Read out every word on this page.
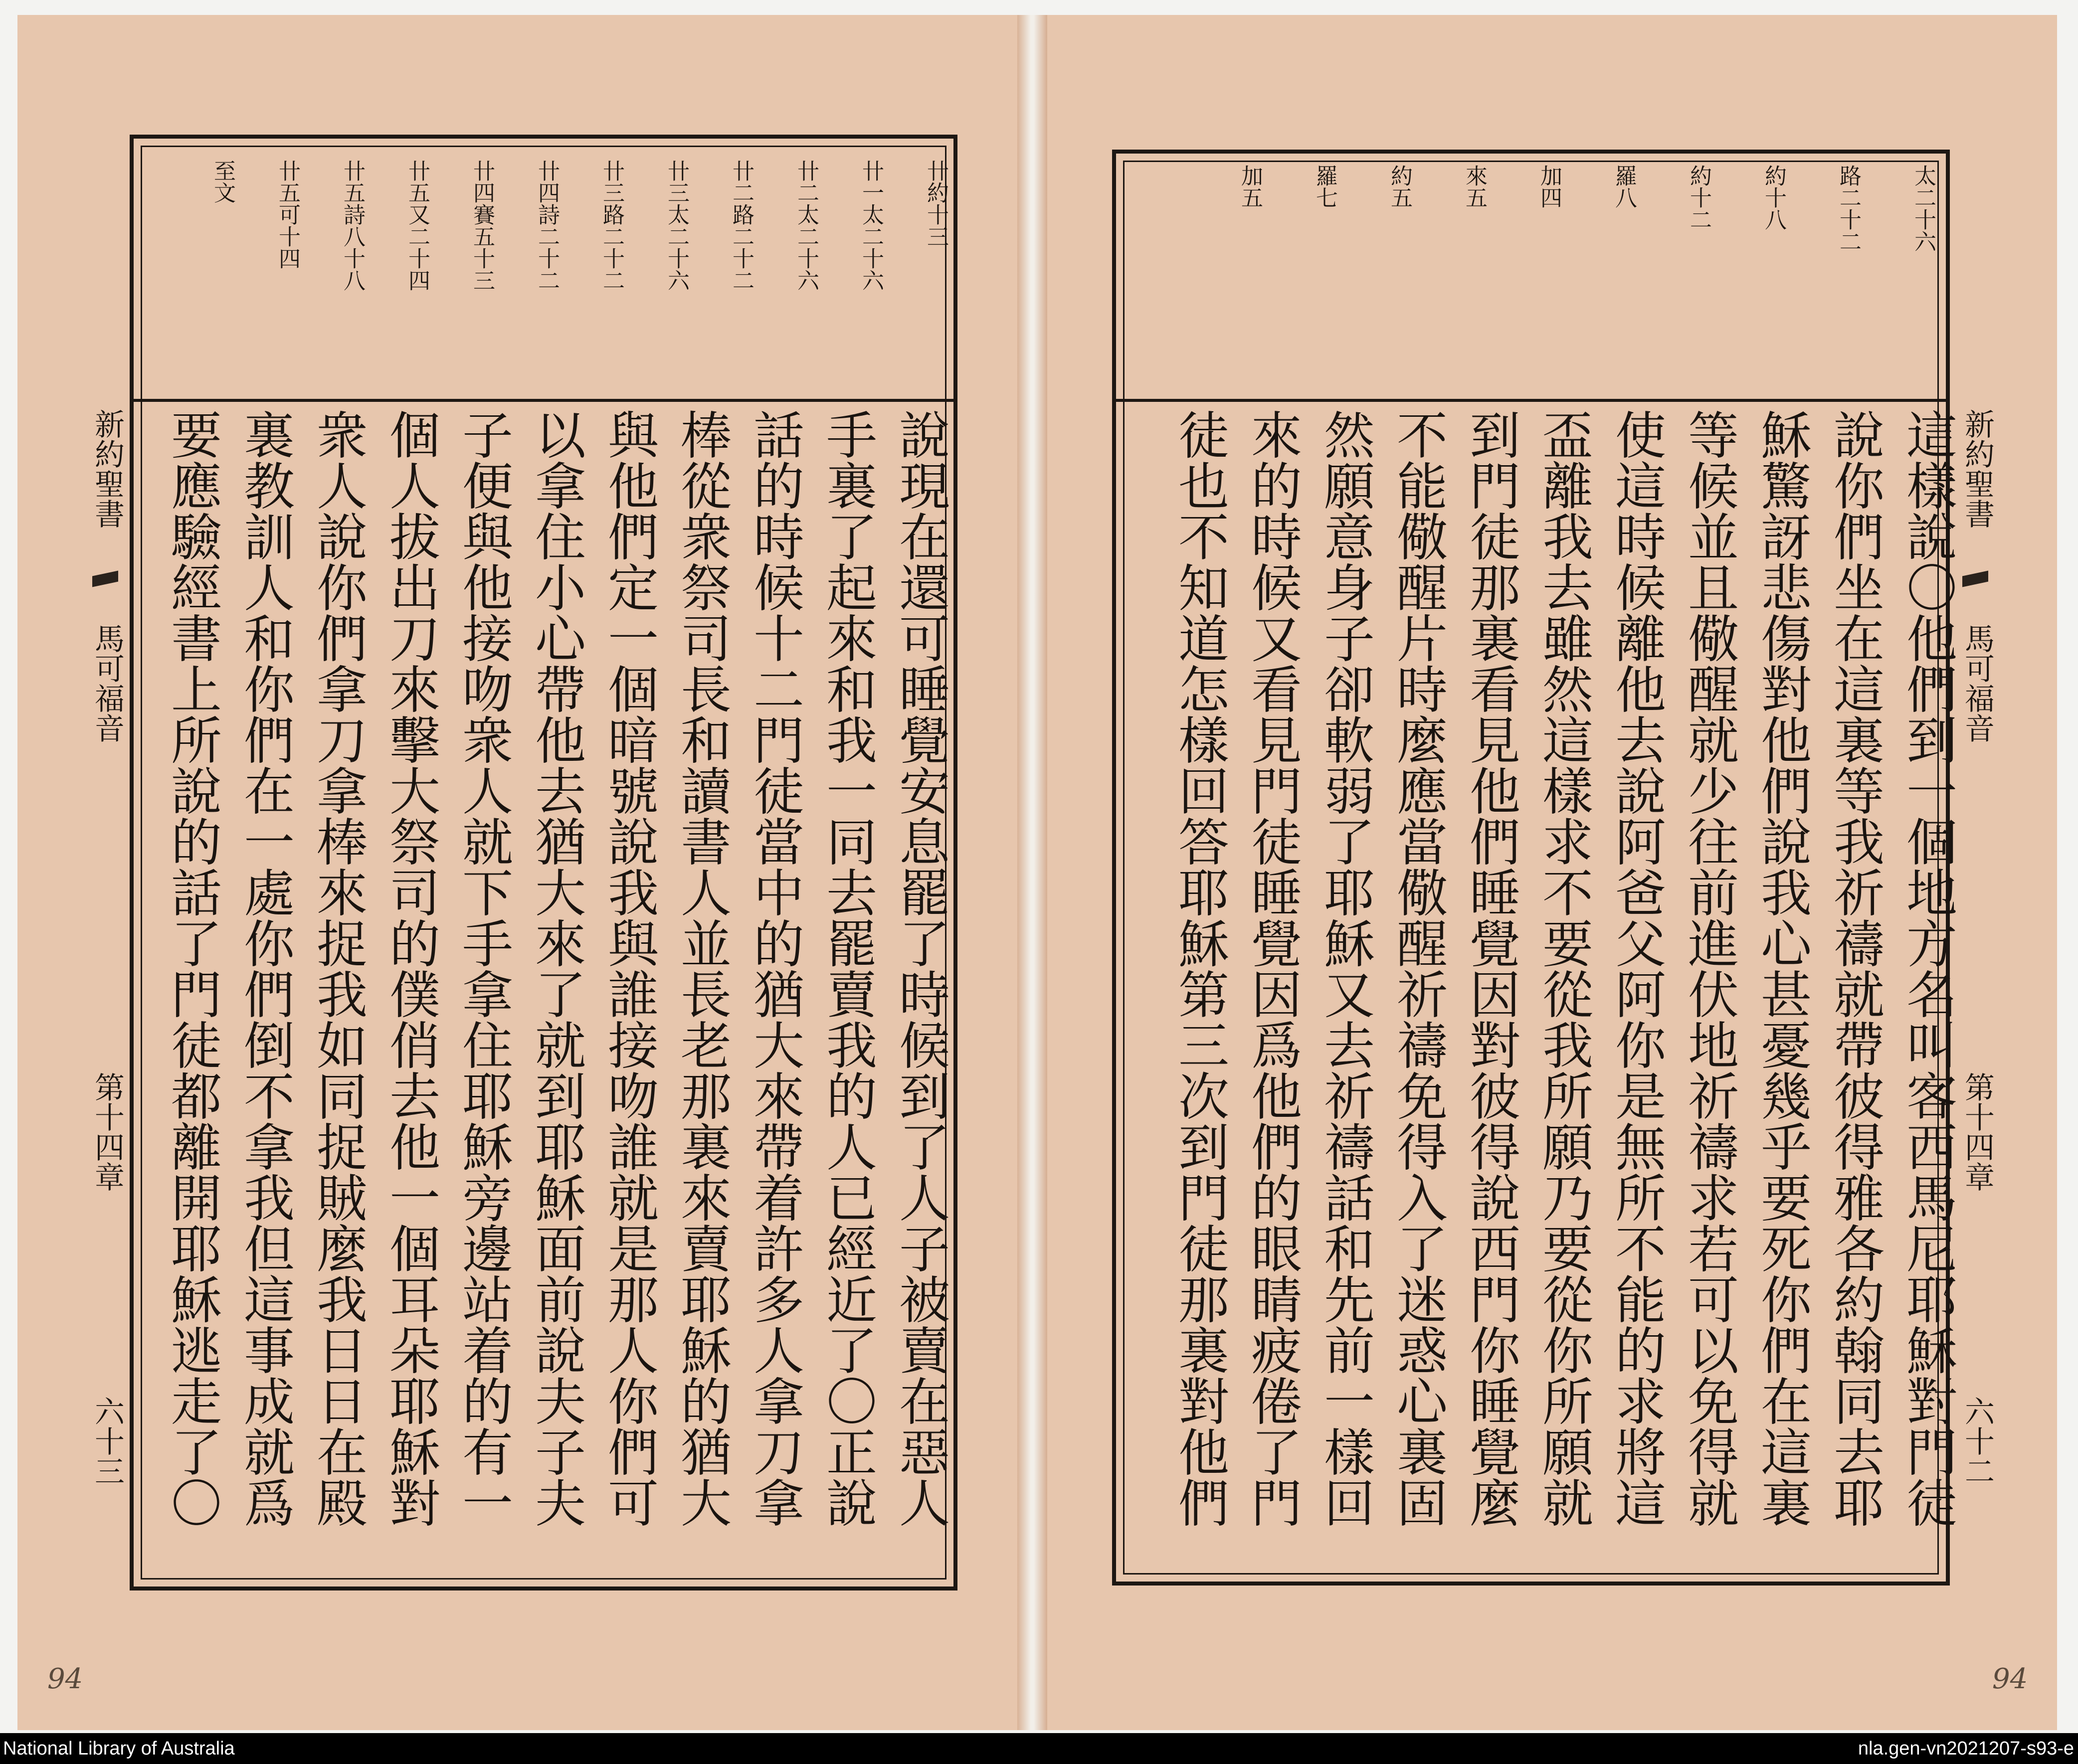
卄約十三
卄一太二十六
卄二太二十六
卄二路二十二
卄三太二十六
卄三路二十二
卄四詩二十二
卄四賽五十三
卄五又二十四
卄五詩八十八
卄五可十四
至文
說現在還可睡覺安息罷了時候到了人子被賣在惡人
手裏了起來和我一同去罷賣我的人已經近了〇正說
話的時候十二門徒當中的猶大來帶着許多人拿刀拿
棒從衆祭司長和讀書人並長老那裏來賣耶穌的猶大
與他們定一個暗號說我與誰接吻誰就是那人你們可
以拿住小心帶他去猶大來了就到耶穌面前說夫子夫
子便與他接吻衆人就下手拿住耶穌旁邊站着的有一
個人拔出刀來擊大祭司的僕俏去他一個耳朵耶穌對
衆人說你們拿刀拿棒來捉我如同捉賊麼我日日在殿
裏教訓人和你們在一處你們倒不拿我但這事成就爲
要應驗經書上所說的話了門徒都離開耶穌逃走了〇
新約聖書
馬可福音
第十四章
六十三
94
太二十六
路二十二
約十八
約十二
羅八
加四
來五
約五
羅七
加五
這樣說〇他們到一個地方名叫客西馬尼耶穌對門徒
說你們坐在這裏等我祈禱就帶彼得雅各約翰同去耶
穌驚訝悲傷對他們說我心甚憂幾乎要死你們在這裏
等候並且儆醒就少往前進伏地祈禱求若可以免得就
使這時候離他去說阿爸父阿你是無所不能的求將這
盃離我去雖然這樣求不要從我所願乃要從你所願就
到門徒那裏看見他們睡覺因對彼得說西門你睡覺麼
不能儆醒片時麼應當儆醒祈禱免得入了迷惑心裏固
然願意身子卻軟弱了耶穌又去祈禱話和先前一樣回
來的時候又看見門徒睡覺因爲他們的眼睛疲倦了門
徒也不知道怎樣回答耶穌第三次到門徒那裏對他們	新約聖書
馬可福音
第十四章
六十二
94
National Library of Australia	nla.gen-vn2021207-s93-e
